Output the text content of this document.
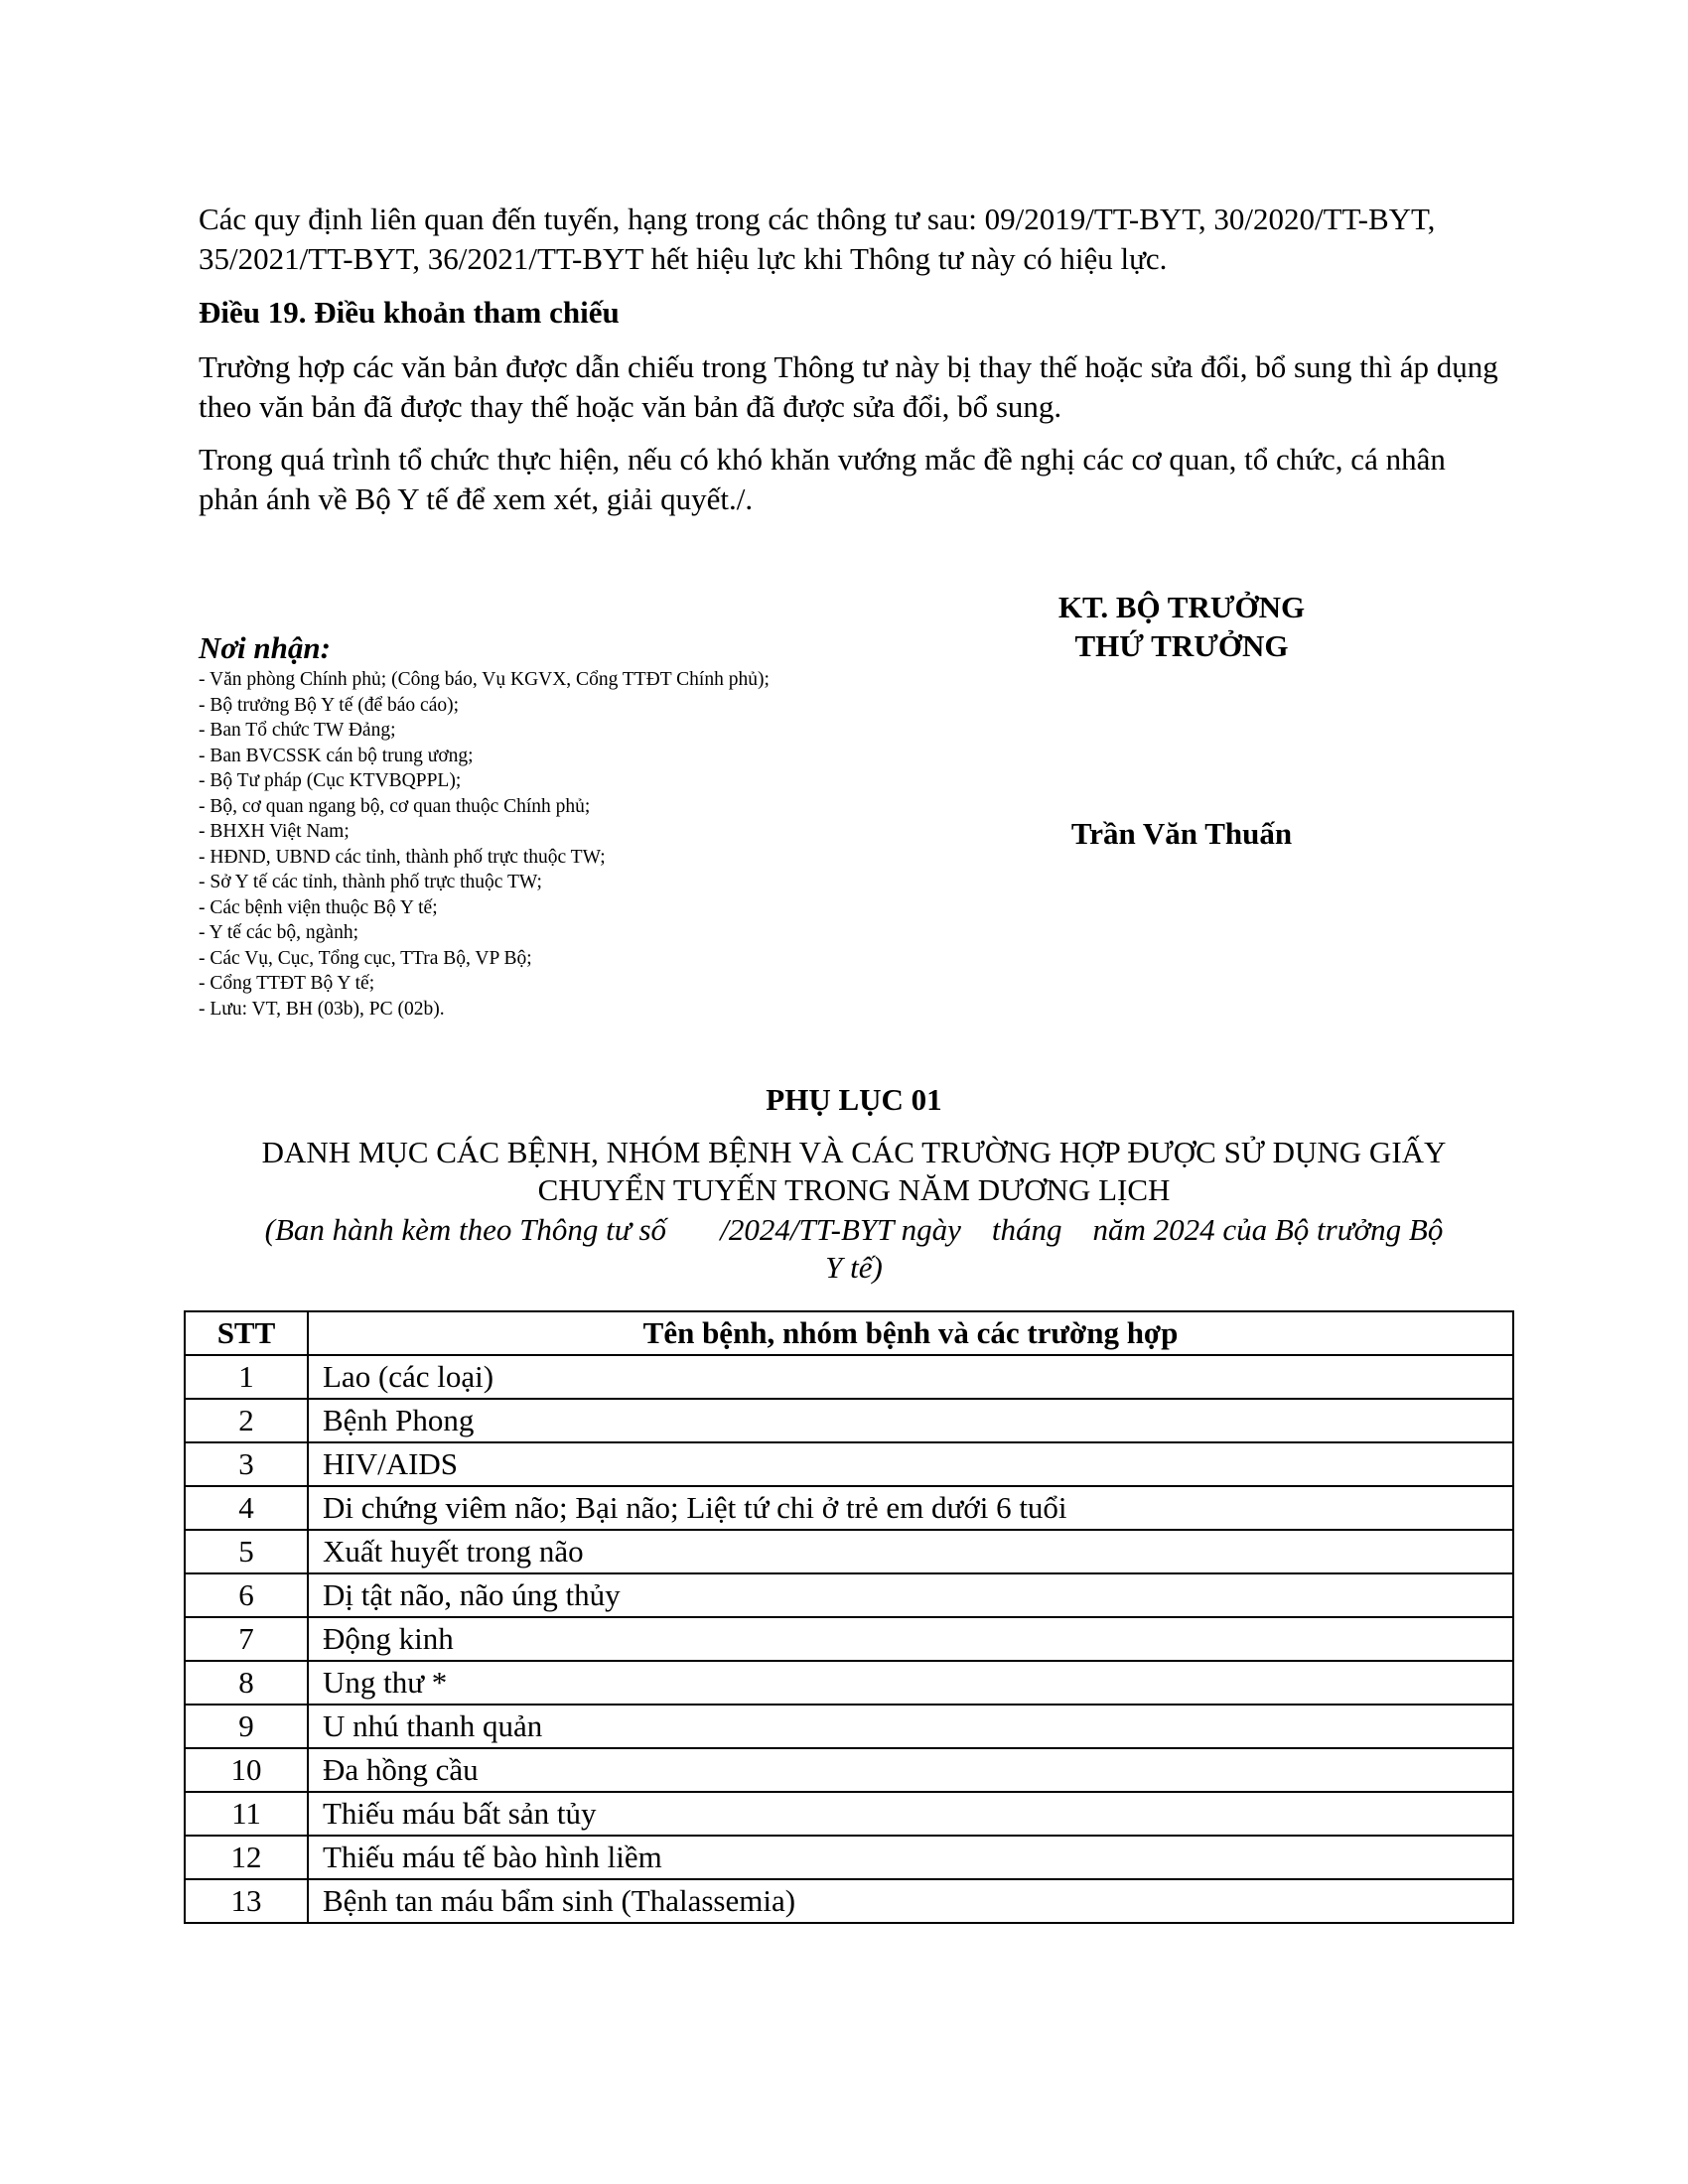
Các quy định liên quan đến tuyến, hạng trong các thông tư sau: 09/2019/TT-BYT, 30/2020/TT-BYT, 35/2021/TT-BYT, 36/2021/TT-BYT hết hiệu lực khi Thông tư này có hiệu lực.

Điều 19. Điều khoản tham chiếu

Trường hợp các văn bản được dẫn chiếu trong Thông tư này bị thay thế hoặc sửa đổi, bổ sung thì áp dụng theo văn bản đã được thay thế hoặc văn bản đã được sửa đổi, bổ sung.

Trong quá trình tổ chức thực hiện, nếu có khó khăn vướng mắc đề nghị các cơ quan, tổ chức, cá nhân phản ánh về Bộ Y tế để xem xét, giải quyết./.

KT. BỘ TRƯỞNG
THỨ TRƯỞNG
Trần Văn Thuấn
Nơi nhận:
- Văn phòng Chính phủ; (Công báo, Vụ KGVX, Cổng TTĐT Chính phủ);
- Bộ trưởng Bộ Y tế (để báo cáo);
- Ban Tổ chức TW Đảng;
- Ban BVCSSK cán bộ trung ương;
- Bộ Tư pháp (Cục KTVBQPPL);
- Bộ, cơ quan ngang bộ, cơ quan thuộc Chính phủ;
- BHXH Việt Nam;
- HĐND, UBND các tỉnh, thành phố trực thuộc TW;
- Sở Y tế các tỉnh, thành phố trực thuộc TW;
- Các bệnh viện thuộc Bộ Y tế;
- Y tế các bộ, ngành;
- Các Vụ, Cục, Tổng cục, TTra Bộ, VP Bộ;
- Cổng TTĐT Bộ Y tế;
- Lưu: VT, BH (03b), PC (02b).
PHỤ LỤC 01
DANH MỤC CÁC BỆNH, NHÓM BỆNH VÀ CÁC TRƯỜNG HỢP ĐƯỢC SỬ DỤNG GIẤY
CHUYỂN TUYẾN TRONG NĂM DƯƠNG LỊCH
(Ban hành kèm theo Thông tư số       /2024/TT-BYT ngày    tháng    năm 2024 của Bộ trưởng Bộ
Y tế)
STT	Tên bệnh, nhóm bệnh và các trường hợp
1	Lao (các loại)
2	Bệnh Phong
3	HIV/AIDS
4	Di chứng viêm não; Bại não; Liệt tứ chi ở trẻ em dưới 6 tuổi
5	Xuất huyết trong não
6	Dị tật não, não úng thủy
7	Động kinh
8	Ung thư *
9	U nhú thanh quản
10	Đa hồng cầu
11	Thiếu máu bất sản tủy
12	Thiếu máu tế bào hình liềm
13	Bệnh tan máu bẩm sinh (Thalassemia)
